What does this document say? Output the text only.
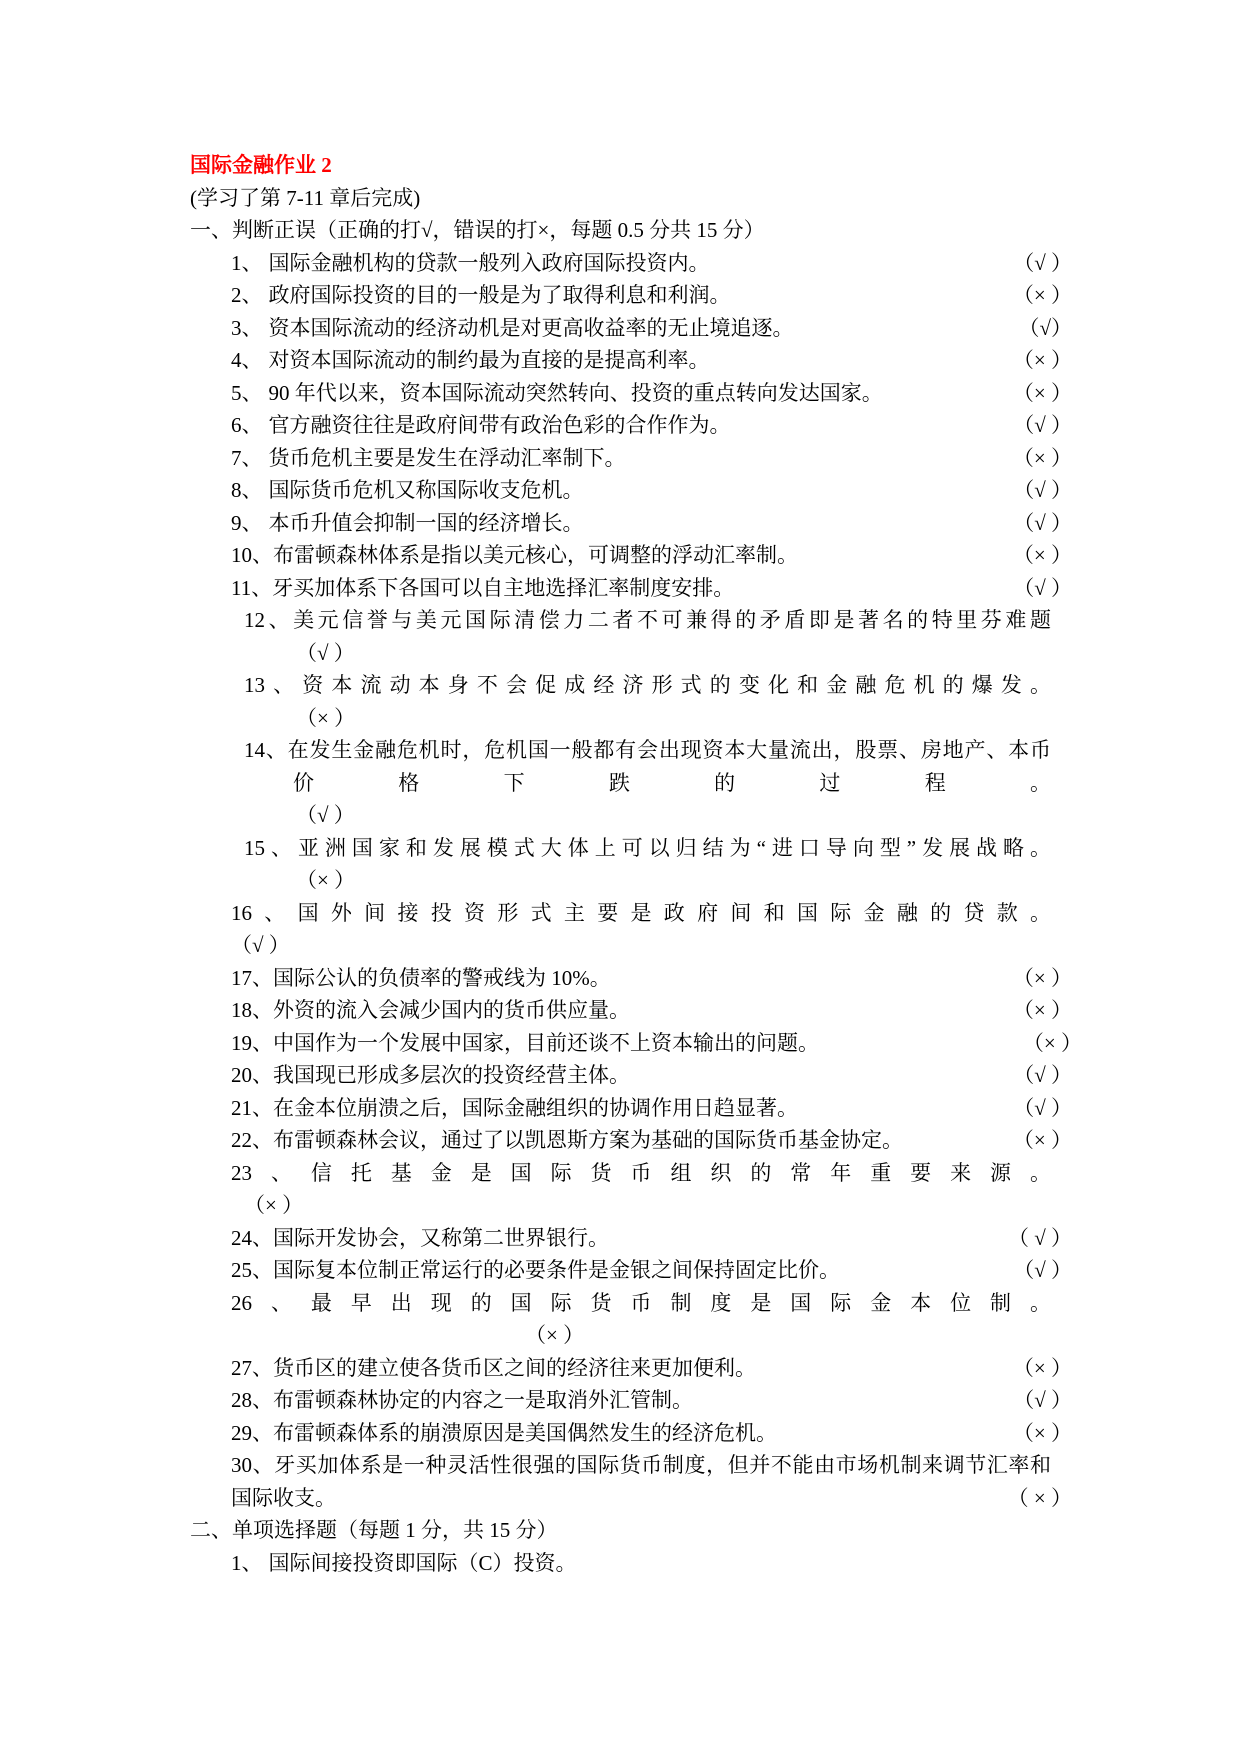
国际金融作业 2
(学习了第 7-11 章后完成)
一、判断正误（正确的打√，错误的打×，每题 0.5 分共 15 分）
1、 国际金融机构的贷款一般列入政府国际投资内。	（√ ）
2、 政府国际投资的目的一般是为了取得利息和利润。	（× ）
3、 资本国际流动的经济动机是对更高收益率的无止境追逐。	（√）
4、 对资本国际流动的制约最为直接的是提高利率。	（× ）
5、 90 年代以来，资本国际流动突然转向、投资的重点转向发达国家。	（× ）
6、 官方融资往往是政府间带有政治色彩的合作作为。	（√ ）
7、 货币危机主要是发生在浮动汇率制下。	（× ）
8、 国际货币危机又称国际收支危机。	（√ ）
9、 本币升值会抑制一国的经济增长。	（√ ）
10、布雷顿森林体系是指以美元核心，可调整的浮动汇率制。	（× ）
11、牙买加体系下各国可以自主地选择汇率制度安排。	（√ ）
12、美元信誉与美元国际清偿力二者不可兼得的矛盾即是著名的特里芬难题
（√ ）
13、资本流动本身不会促成经济形式的变化和金融危机的爆发。
（× ）
14、在发生金融危机时，危机国一般都有会出现资本大量流出，股票、房地产、本币
价格下跌的过程。
（√ ）
15、亚洲国家和发展模式大体上可以归结为“进口导向型”发展战略。
（× ）
16、国外间接投资形式主要是政府间和国际金融的贷款。
（√ ）
17、国际公认的负债率的警戒线为 10%。	（× ）
18、外资的流入会减少国内的货币供应量。	（× ）
19、中国作为一个发展中国家，目前还谈不上资本输出的问题。	（× ）
20、我国现已形成多层次的投资经营主体。	（√ ）
21、在金本位崩溃之后，国际金融组织的协调作用日趋显著。	（√ ）
22、布雷顿森林会议，通过了以凯恩斯方案为基础的国际货币基金协定。	（× ）
23、信托基金是国际货币组织的常年重要来源。
（× ）
24、国际开发协会，又称第二世界银行。	（ √ ）
25、国际复本位制正常运行的必要条件是金银之间保持固定比价。	（√ ）
26、最早出现的国际货币制度是国际金本位制。
（× ）
27、货币区的建立使各货币区之间的经济往来更加便利。	（× ）
28、布雷顿森林协定的内容之一是取消外汇管制。	（√ ）
29、布雷顿森体系的崩溃原因是美国偶然发生的经济危机。	（× ）
30、牙买加体系是一种灵活性很强的国际货币制度，但并不能由市场机制来调节汇率和
国际收支。	（ × ）
二、单项选择题（每题 1 分，共 15 分）
1、 国际间接投资即国际（C）投资。
